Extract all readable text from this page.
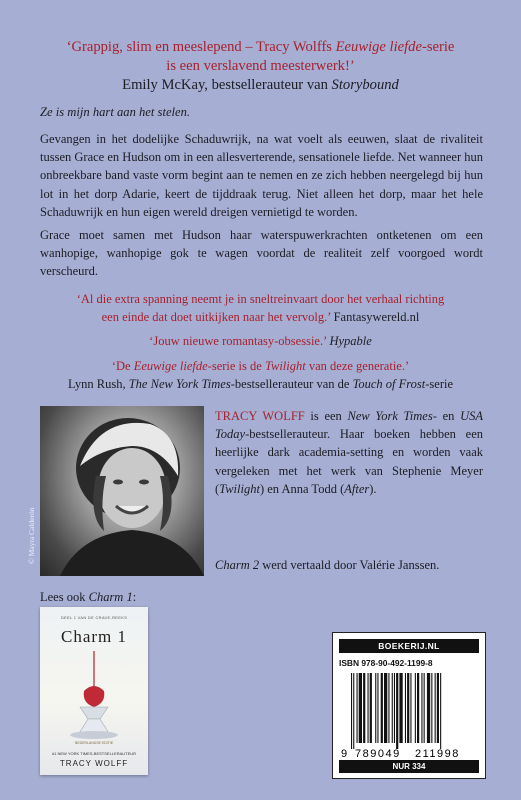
‘Grappig, slim en meeslepend – Tracy Wolffs Eeuwige liefde-serie
is een verslavend meesterwerk!’
Emily McKay, bestsellerauteur van Storybound
Ze is mijn hart aan het stelen.
Gevangen in het dodelijke Schaduwrijk, na wat voelt als eeuwen, slaat de rivaliteit tussen Grace en Hudson om in een allesverterende, sensationele liefde. Net wanneer hun onbreekbare band vaste vorm begint aan te nemen en ze zich hebben neergelegd bij hun lot in het dorp Adarie, keert de tijddraak terug. Niet alleen het dorp, maar het hele Schaduwrijk en hun eigen wereld dreigen vernietigd te worden.
Grace moet samen met Hudson haar waterspuwerkrachten ontketenen om een wanhopige, wanhopige gok te wagen voordat de realiteit zelf voorgoed wordt verscheurd.
‘Al die extra spanning neemt je in sneltreinvaart door het verhaal richting
een einde dat doet uitkijken naar het vervolg.’ Fantasywereld.nl
‘Jouw nieuwe romantasy-obsessie.’ Hypable
‘De Eeuwige liefde-serie is de Twilight van deze generatie.’
Lynn Rush, The New York Times-bestsellerauteur van de Touch of Frost-serie
© Mayra Calderón
TRACY WOLFF is een New York Times- en USA Today-bestsellerauteur. Haar boeken hebben een heerlijke dark academia-setting en worden vaak vergeleken met het werk van Stephenie Meyer (Twilight) en Anna Todd (After).
Charm 2 werd vertaald door Valérie Janssen.
Lees ook Charm 1:
DEEL 1 VAN DE CRAVE-REEKS
Charm 1
NEDERLANDSE EDITIE
#1 NEW YORK TIMES-BESTSELLERAUTEUR
TRACY WOLFF
BOEKERIJ.NL
ISBN 978-90-492-1199-8
9 789049 211998
NUR 334
